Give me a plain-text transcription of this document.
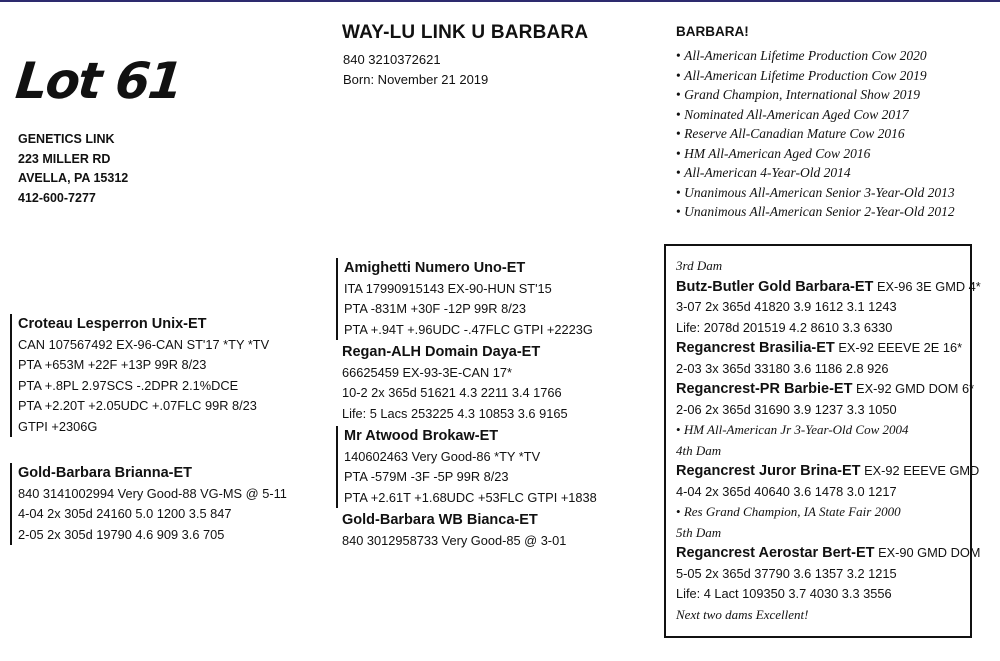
Lot 61
GENETICS LINK
223 MILLER RD
AVELLA, PA 15312
412-600-7277
WAY-LU LINK U BARBARA
840 3210372621
Born: November 21 2019
BARBARA!
• All-American Lifetime Production Cow 2020
• All-American Lifetime Production Cow 2019
• Grand Champion, International Show 2019
• Nominated All-American Aged Cow 2017
• Reserve All-Canadian Mature Cow 2016
• HM All-American Aged Cow 2016
• All-American 4-Year-Old 2014
• Unanimous All-American Senior 3-Year-Old 2013
• Unanimous All-American Senior 2-Year-Old 2012
Croteau Lesperron Unix-ET
CAN 107567492 EX-96-CAN ST'17 *TY *TV
PTA +653M +22F +13P 99R 8/23
PTA +.8PL 2.97SCS -.2DPR 2.1%DCE
PTA +2.20T +2.05UDC +.07FLC 99R 8/23
GTPI +2306G
Gold-Barbara Brianna-ET
840 3141002994 Very Good-88 VG-MS @ 5-11
4-04 2x 305d 24160 5.0 1200 3.5 847
2-05 2x 305d 19790 4.6 909 3.6 705
Amighetti Numero Uno-ET
ITA 17990915143 EX-90-HUN ST'15
PTA -831M +30F -12P 99R 8/23
PTA +.94T +.96UDC -.47FLC GTPI +2223G
Regan-ALH Domain Daya-ET
66625459 EX-93-3E-CAN 17*
10-2 2x 365d 51621 4.3 2211 3.4 1766
Life: 5 Lacs 253225 4.3 10853 3.6 9165
Mr Atwood Brokaw-ET
140602463 Very Good-86 *TY *TV
PTA -579M -3F -5P 99R 8/23
PTA +2.61T +1.68UDC +53FLC GTPI +1838
Gold-Barbara WB Bianca-ET
840 3012958733 Very Good-85 @ 3-01
3rd Dam
Butz-Butler Gold Barbara-ET EX-96 3E GMD 4*
3-07 2x 365d 41820 3.9 1612 3.1 1243
Life: 2078d 201519 4.2 8610 3.3 6330
Regancrest Brasilia-ET EX-92 EEEVE 2E 16*
2-03 3x 365d 33180 3.6 1186 2.8 926
Regancrest-PR Barbie-ET EX-92 GMD DOM 6*
2-06 2x 365d 31690 3.9 1237 3.3 1050
• HM All-American Jr 3-Year-Old Cow 2004
4th Dam
Regancrest Juror Brina-ET EX-92 EEEVE GMD
4-04 2x 365d 40640 3.6 1478 3.0 1217
• Res Grand Champion, IA State Fair 2000
5th Dam
Regancrest Aerostar Bert-ET EX-90 GMD DOM
5-05 2x 365d 37790 3.6 1357 3.2 1215
Life: 4 Lact 109350 3.7 4030 3.3 3556
Next two dams Excellent!
